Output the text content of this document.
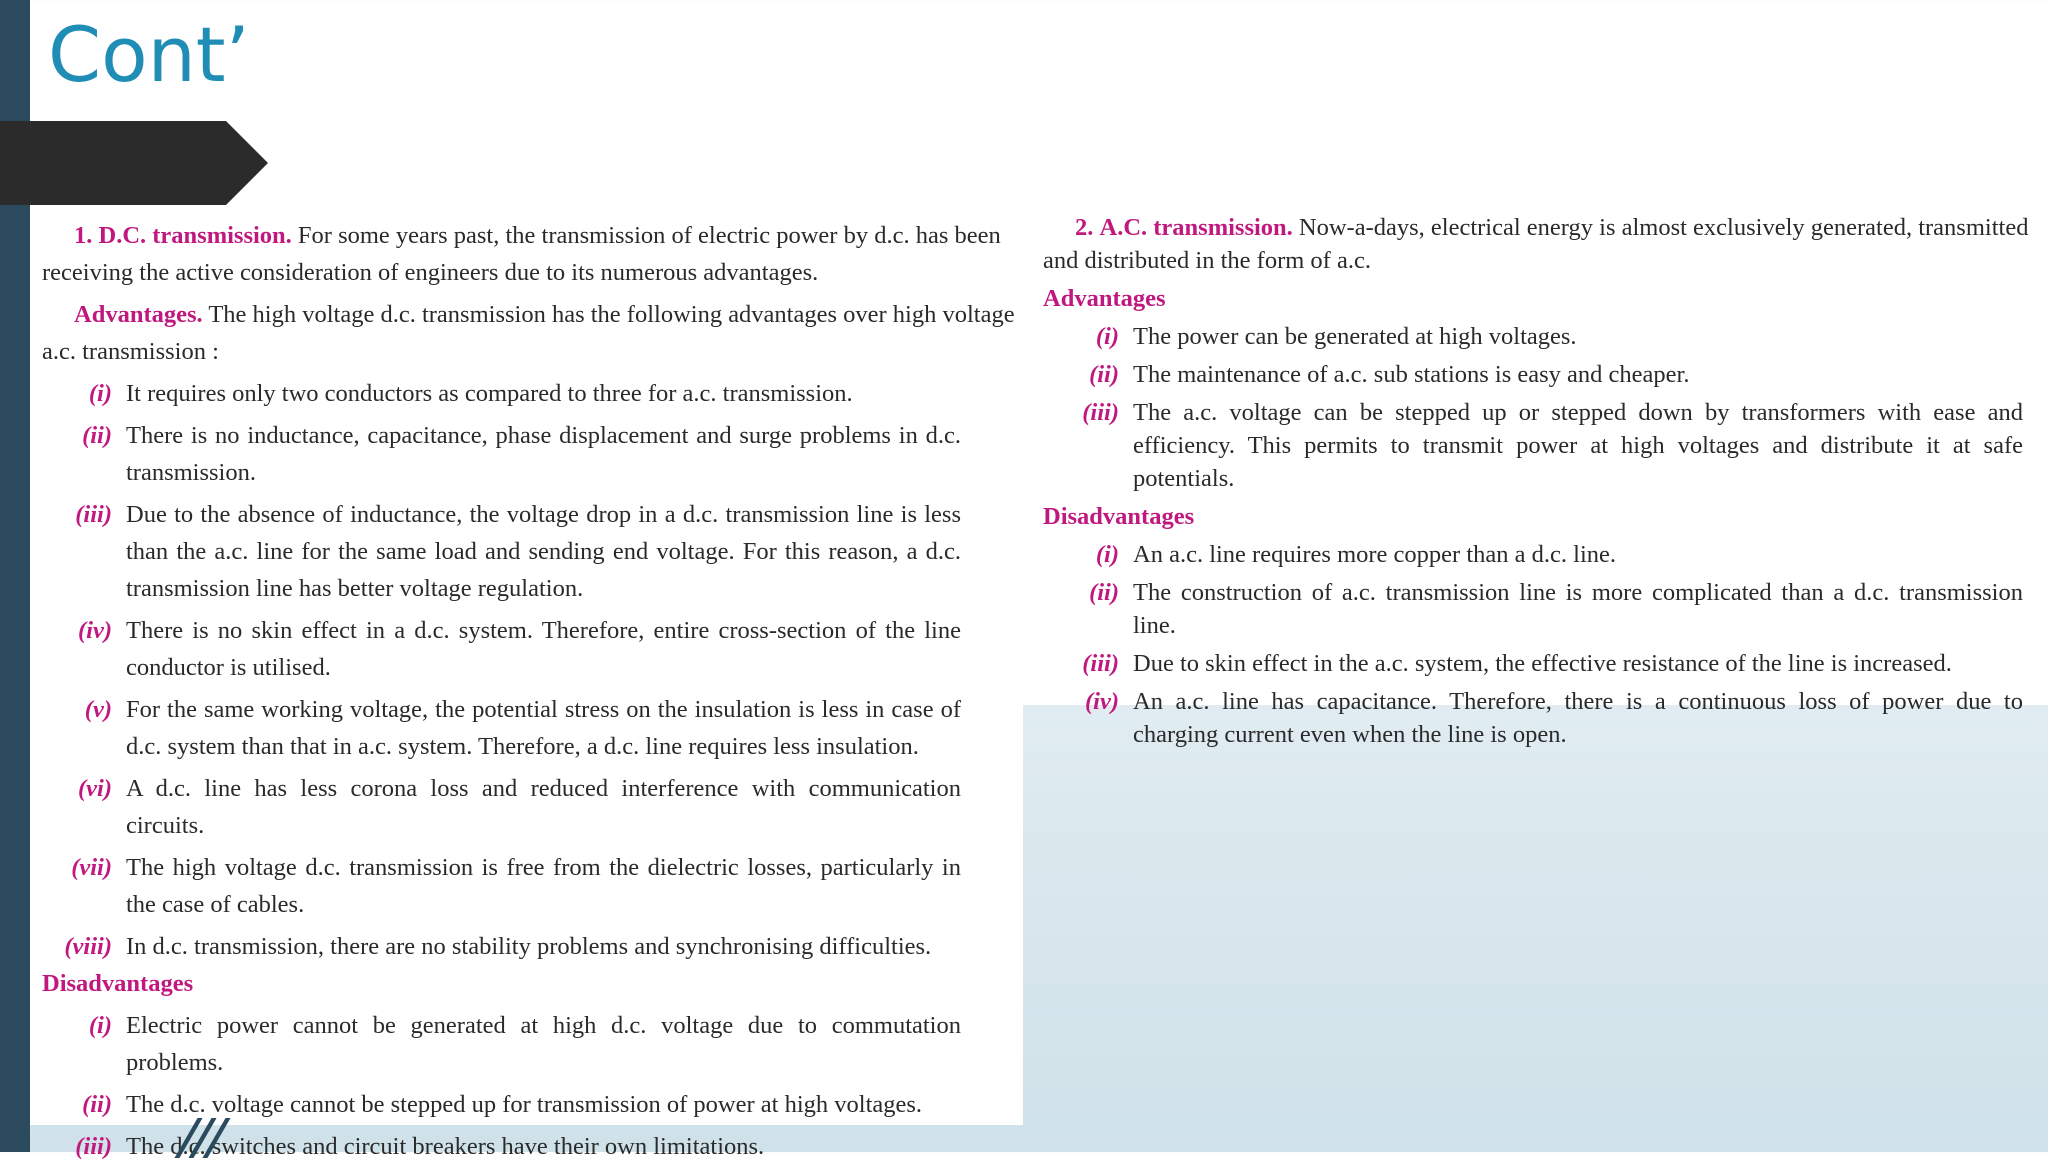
Cont’

1. D.C. transmission. For some years past, the transmission of electric power by d.c. has been receiving the active consideration of engineers due to its numerous advantages.

Advantages. The high voltage d.c. transmission has the following advantages over high voltage a.c. transmission :

(i) It requires only two conductors as compared to three for a.c. transmission.
(ii) There is no inductance, capacitance, phase displacement and surge problems in d.c. transmission.
(iii) Due to the absence of inductance, the voltage drop in a d.c. transmission line is less than the a.c. line for the same load and sending end voltage. For this reason, a d.c. transmission line has better voltage regulation.
(iv) There is no skin effect in a d.c. system. Therefore, entire cross-section of the line conductor is utilised.
(v) For the same working voltage, the potential stress on the insulation is less in case of d.c. system than that in a.c. system. Therefore, a d.c. line requires less insulation.
(vi) A d.c. line has less corona loss and reduced interference with communication circuits.
(vii) The high voltage d.c. transmission is free from the dielectric losses, particularly in the case of cables.
(viii) In d.c. transmission, there are no stability problems and synchronising difficulties.

Disadvantages

(i) Electric power cannot be generated at high d.c. voltage due to commutation problems.
(ii) The d.c. voltage cannot be stepped up for transmission of power at high voltages.
(iii) The d.c. switches and circuit breakers have their own limitations.

2. A.C. transmission. Now-a-days, electrical energy is almost exclusively generated, transmitted and distributed in the form of a.c.

Advantages

(i) The power can be generated at high voltages.
(ii) The maintenance of a.c. sub stations is easy and cheaper.
(iii) The a.c. voltage can be stepped up or stepped down by transformers with ease and efficiency. This permits to transmit power at high voltages and distribute it at safe potentials.

Disadvantages

(i) An a.c. line requires more copper than a d.c. line.
(ii) The construction of a.c. transmission line is more complicated than a d.c. transmission line.
(iii) Due to skin effect in the a.c. system, the effective resistance of the line is increased.
(iv) An a.c. line has capacitance. Therefore, there is a continuous loss of power due to charging current even when the line is open.
